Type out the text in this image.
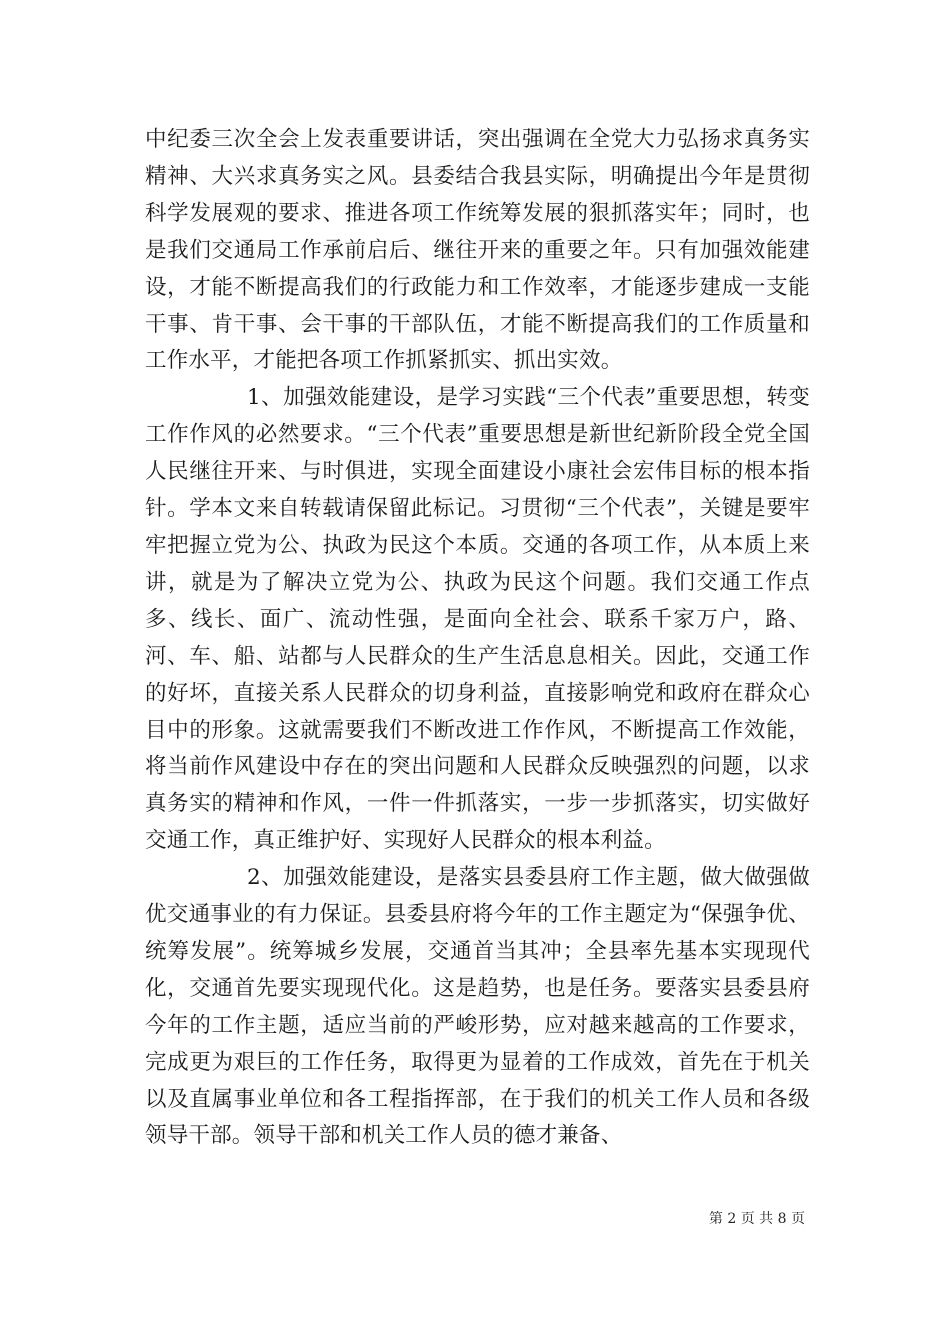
中纪委三次全会上发表重要讲话，突出强调在全党大力弘扬求真务实精神、大兴求真务实之风。县委结合我县实际，明确提出今年是贯彻科学发展观的要求、推进各项工作统筹发展的狠抓落实年；同时，也是我们交通局工作承前启后、继往开来的重要之年。只有加强效能建设，才能不断提高我们的行政能力和工作效率，才能逐步建成一支能干事、肯干事、会干事的干部队伍，才能不断提高我们的工作质量和工作水平，才能把各项工作抓紧抓实、抓出实效。

1、加强效能建设，是学习实践“三个代表”重要思想，转变工作作风的必然要求。“三个代表”重要思想是新世纪新阶段全党全国人民继往开来、与时俱进，实现全面建设小康社会宏伟目标的根本指针。学本文来自转载请保留此标记。习贯彻“三个代表”，关键是要牢牢把握立党为公、执政为民这个本质。交通的各项工作，从本质上来讲，就是为了解决立党为公、执政为民这个问题。我们交通工作点多、线长、面广、流动性强，是面向全社会、联系千家万户，路、河、车、船、站都与人民群众的生产生活息息相关。因此，交通工作的好坏，直接关系人民群众的切身利益，直接影响党和政府在群众心目中的形象。这就需要我们不断改进工作作风，不断提高工作效能，将当前作风建设中存在的突出问题和人民群众反映强烈的问题，以求真务实的精神和作风，一件一件抓落实，一步一步抓落实，切实做好交通工作，真正维护好、实现好人民群众的根本利益。

2、加强效能建设，是落实县委县府工作主题，做大做强做优交通事业的有力保证。县委县府将今年的工作主题定为“保强争优、统筹发展”。统筹城乡发展，交通首当其冲；全县率先基本实现现代化，交通首先要实现现代化。这是趋势，也是任务。要落实县委县府今年的工作主题，适应当前的严峻形势，应对越来越高的工作要求，完成更为艰巨的工作任务，取得更为显着的工作成效，首先在于机关以及直属事业单位和各工程指挥部，在于我们的机关工作人员和各级领导干部。领导干部和机关工作人员的德才兼备、

第 2 页 共 8 页
